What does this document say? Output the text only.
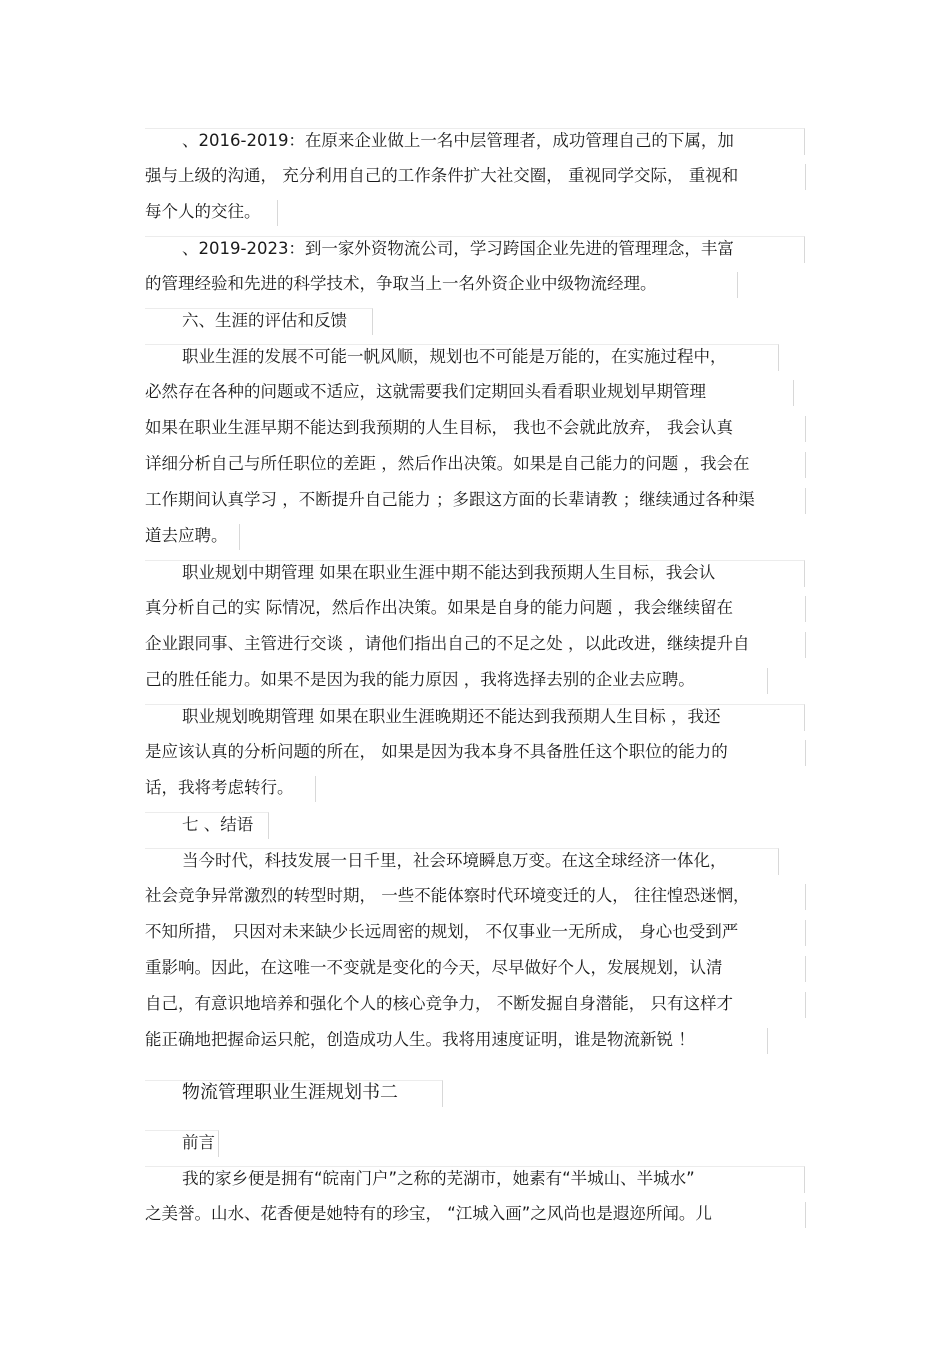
、2016-2019：在原来企业做上一名中层管理者，成功管理自己的下属，加
强与上级的沟通， 充分利用自己的工作条件扩大社交圈， 重视同学交际， 重视和
每个人的交往。
、2019-2023：到一家外资物流公司，学习跨国企业先进的管理理念，丰富
的管理经验和先进的科学技术，争取当上一名外资企业中级物流经理。
六、生涯的评估和反馈
职业生涯的发展不可能一帆风顺，规划也不可能是万能的，在实施过程中，
必然存在各种的问题或不适应，这就需要我们定期回头看看职业规划早期管理
如果在职业生涯早期不能达到我预期的人生目标， 我也不会就此放弃， 我会认真
详细分析自己与所任职位的差距 ，然后作出决策。如果是自己能力的问题 ，我会在
工作期间认真学习 ，不断提升自己能力 ；多跟这方面的长辈请教 ；继续通过各种渠
道去应聘。
职业规划中期管理 如果在职业生涯中期不能达到我预期人生目标，我会认
真分析自己的实 际情况，然后作出决策。如果是自身的能力问题 ，我会继续留在
企业跟同事、主管进行交谈 ，请他们指出自己的不足之处 ，以此改进，继续提升自
己的胜任能力。如果不是因为我的能力原因 ，我将选择去别的企业去应聘。
职业规划晚期管理 如果在职业生涯晚期还不能达到我预期人生目标 ，我还
是应该认真的分析问题的所在， 如果是因为我本身不具备胜任这个职位的能力的
话，我将考虑转行。
七 、结语
当今时代，科技发展一日千里，社会环境瞬息万变。在这全球经济一体化，
社会竞争异常激烈的转型时期， 一些不能体察时代环境变迁的人， 往往惶恐迷惘，
不知所措， 只因对未来缺少长远周密的规划， 不仅事业一无所成， 身心也受到严
重影响。因此，在这唯一不变就是变化的今天，尽早做好个人，发展规划，认清
自己，有意识地培养和强化个人的核心竞争力， 不断发掘自身潜能， 只有这样才
能正确地把握命运只舵，创造成功人生。我将用速度证明，谁是物流新锐 ！
物流管理职业生涯规划书二
前言
我的家乡便是拥有“皖南门户”之称的芜湖市，她素有“半城山、半城水”
之美誉。山水、花香便是她特有的珍宝， “江城入画”之风尚也是遐迩所闻。儿
